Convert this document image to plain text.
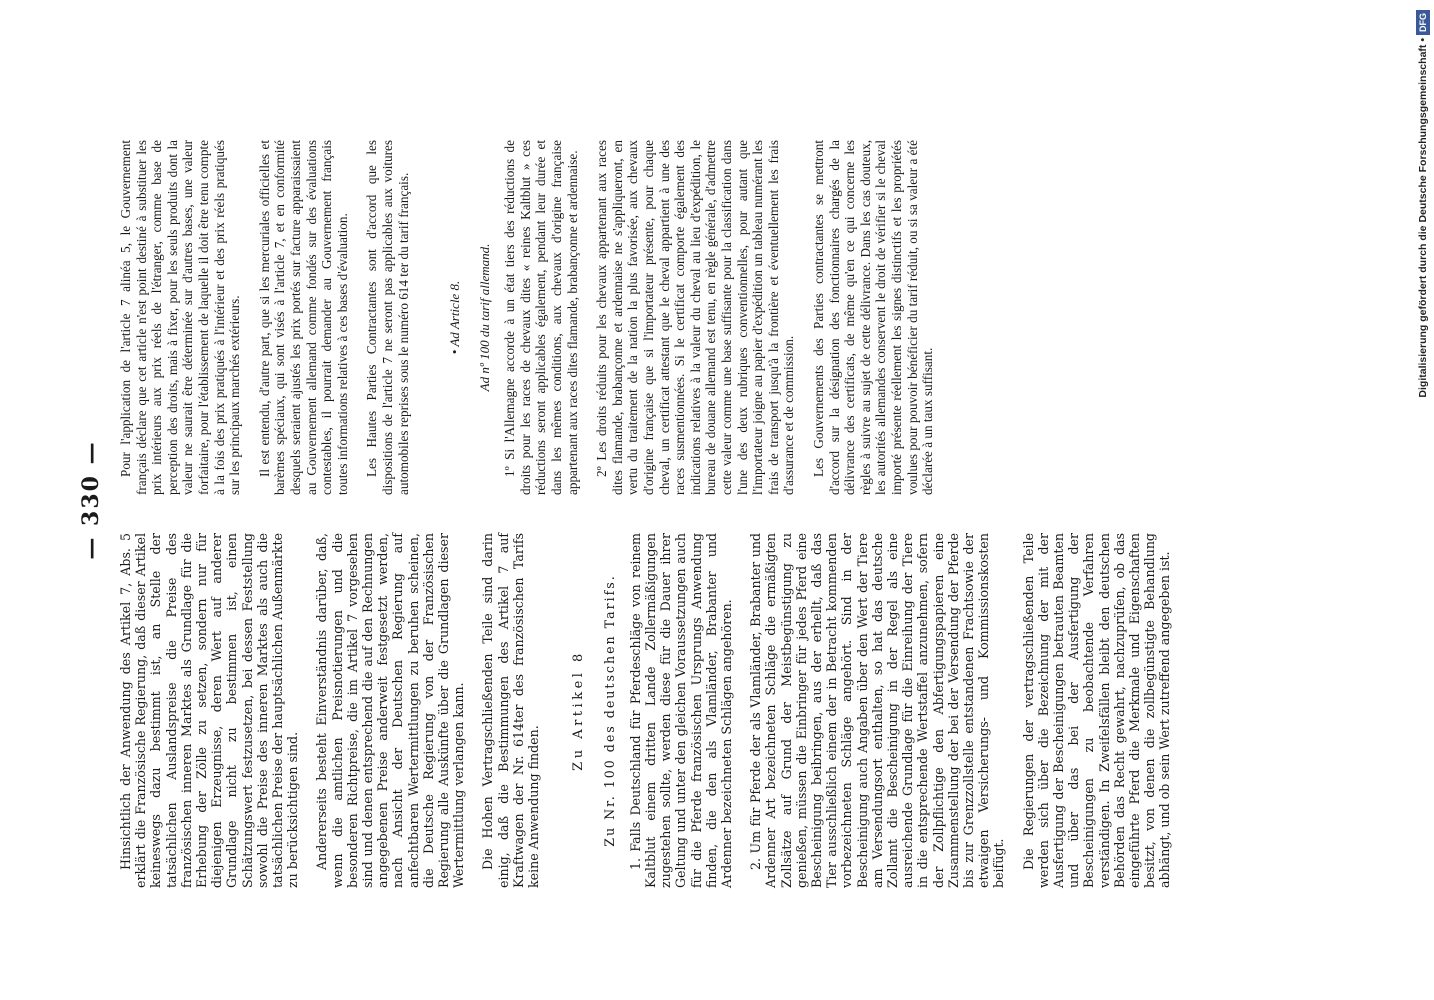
— 330 —

Hinsichtlich der Anwendung des Artikel 7, Abs. 5 erklärt die Französische Regierung, daß dieser Artikel keineswegs dazu bestimmt ist, an Stelle der tatsächlichen Auslandspreise die Preise des französischen inneren Marktes als Grundlage für die Erhebung der Zölle zu setzen, sondern nur für diejenigen Erzeugnisse, deren Wert auf anderer Grundlage nicht zu bestimmen ist, einen Schätzungswert festzusetzen, bei dessen Feststellung sowohl die Preise des inneren Marktes als auch die tatsächlichen Preise der hauptsächlichen Außenmärkte zu berücksichtigen sind. Andererseits besteht Einverständnis darüber, daß, wenn die amtlichen Preisnotierungen und die besonderen Richtpreise, die im Artikel 7 vorgesehen sind und denen entsprechend die auf den Rechnungen angegebenen Preise anderweit festgesetzt werden, nach Ansicht der Deutschen Regierung auf anfechtbaren Wertermittlungen zu beruhen scheinen, die Deutsche Regierung von der Französischen Regierung alle Auskünfte über die Grundlagen dieser Wertermittlung verlangen kann. Die Hohen Vertragschließenden Teile sind darin einig, daß die Bestimmungen des Artikel 7 auf Kraftwagen der Nr. 614ter des französischen Tarifs keine Anwendung finden.

Zu Artikel 8 Zu Nr. 100 des deutschen Tarifs. 1. Falls Deutschland für Pferdeschläge von reinem Kaltblut einem dritten Lande Zollermäßigungen zugestehen sollte, werden diese für die Dauer ihrer Geltung und unter den gleichen Voraussetzungen auch für die Pferde französischen Ursprungs Anwendung finden, die den als Vlamländer, Brabanter und Ardenner bezeichneten Schlägen angehören. 2. Um für Pferde der als Vlamländer, Brabanter und Ardenner Art bezeichneten Schläge die ermäßigten Zollsätze auf Grund der Meistbegünstigung zu genießen, müssen die Einbringer für jedes Pferd eine Bescheinigung beibringen, aus der erhellt, daß das Tier ausschließlich einem der in Betracht kommenden vorbezeichneten Schläge angehört. Sind in der Bescheinigung auch Angaben über den Wert der Tiere am Versendungsort enthalten, so hat das deutsche Zollamt die Bescheinigung in der Regel als eine ausreichende Grundlage für die Einreihung der Tiere in die entsprechende Wertstaffel anzunehmen, sofern der Zollpflichtige den Abfertigungspapieren eine Zusammenstellung der bei der Versendung der Pferde bis zur Grenzzollstelle entstandenen Frachtsowie der etwaigen Versicherungs- und Kommissionskosten beifügt. Die Regierungen der vertragschließenden Teile werden sich über die Bezeichnung der mit der Ausfertigung der Bescheinigungen betrauten Beamten und über das bei der Ausfertigung der Bescheinigungen zu beobachtende Verfahren verständigen. In Zweifelsfällen bleibt den deutschen Behörden das Recht gewahrt, nachzuprüfen, ob das eingeführte Pferd die Merkmale und Eigenschaften besitzt, von denen die zollbegünstigte Behandlung abhängt, und ob sein Wert zutreffend angegeben ist.

Pour l'application de l'article 7 alinéa 5, le Gouvernement français déclare que cet article n'est point destiné à substituer les prix intérieurs aux prix réels de l'étranger, comme base de perception des droits, mais à fixer, pour les seuls produits dont la valeur ne saurait être déterminée sur d'autres bases, une valeur forfaitaire, pour l'établissement de laquelle il doit être tenu compte à la fois des prix pratiqués à l'intérieur et des prix réels pratiqués sur les principaux marchés extérieurs. Il est entendu, d'autre part, que si les mercuriales officielles et barèmes spéciaux, qui sont visés à l'article 7, et en conformité desquels seraient ajustés les prix portés sur facture apparaissaient au Gouvernement allemand comme fondés sur des évaluations contestables, il pourrait demander au Gouvernement français toutes informations relatives à ces bases d'évaluation. Les Hautes Parties Contractantes sont d'accord que les dispositions de l'article 7 ne seront pas applicables aux voitures automobiles reprises sous le numéro 614 ter du tarif français.	• Ad Article 8. Ad nº 100 du tarif allemand. 1º Si l'Allemagne accorde à un état tiers des réductions de droits pour les races de chevaux dites « reines Kaltblut » ces réductions seront applicables également, pendant leur durée et dans les mêmes conditions, aux chevaux d'origine française appartenant aux races dites flamande, brabançonne et ardennaise. 2º Les droits réduits pour les chevaux appartenant aux races dites flamande, brabançonne et ardennaise ne s'appliqueront, en vertu du traitement de la nation la plus favorisée, aux chevaux d'origine française que si l'importateur présente, pour chaque cheval, un certificat attestant que le cheval appartient à une des races susmentionnées. Si le certificat comporte également des indications relatives à la valeur du cheval au lieu d'expédition, le bureau de douane allemand est tenu, en règle générale, d'admettre cette valeur comme une base suffisante pour la classification dans l'une des deux rubriques conventionnelles, pour autant que l'importateur joigne au papier d'expédition un tableau numérant les frais de transport jusqu'à la frontière et éventuellement les frais d'assurance et de commission. Les Gouvernements des Parties contractantes se mettront d'accord sur la désignation des fonctionnaires chargés de la délivrance des certificats, de même qu'en ce qui concerne les règles à suivre au sujet de cette délivrance. Dans les cas douteux, les autorités allemandes conservent le droit de vérifier si le cheval importé présente réellement les signes distinctifs et les propriétés voulues pour pouvoir bénéficier du tarif réduit, ou si sa valeur a été déclarée à un taux suffisant.

Digitalisierung gefördert durch die Deutsche Forschungsgemeinschaft •DFG
